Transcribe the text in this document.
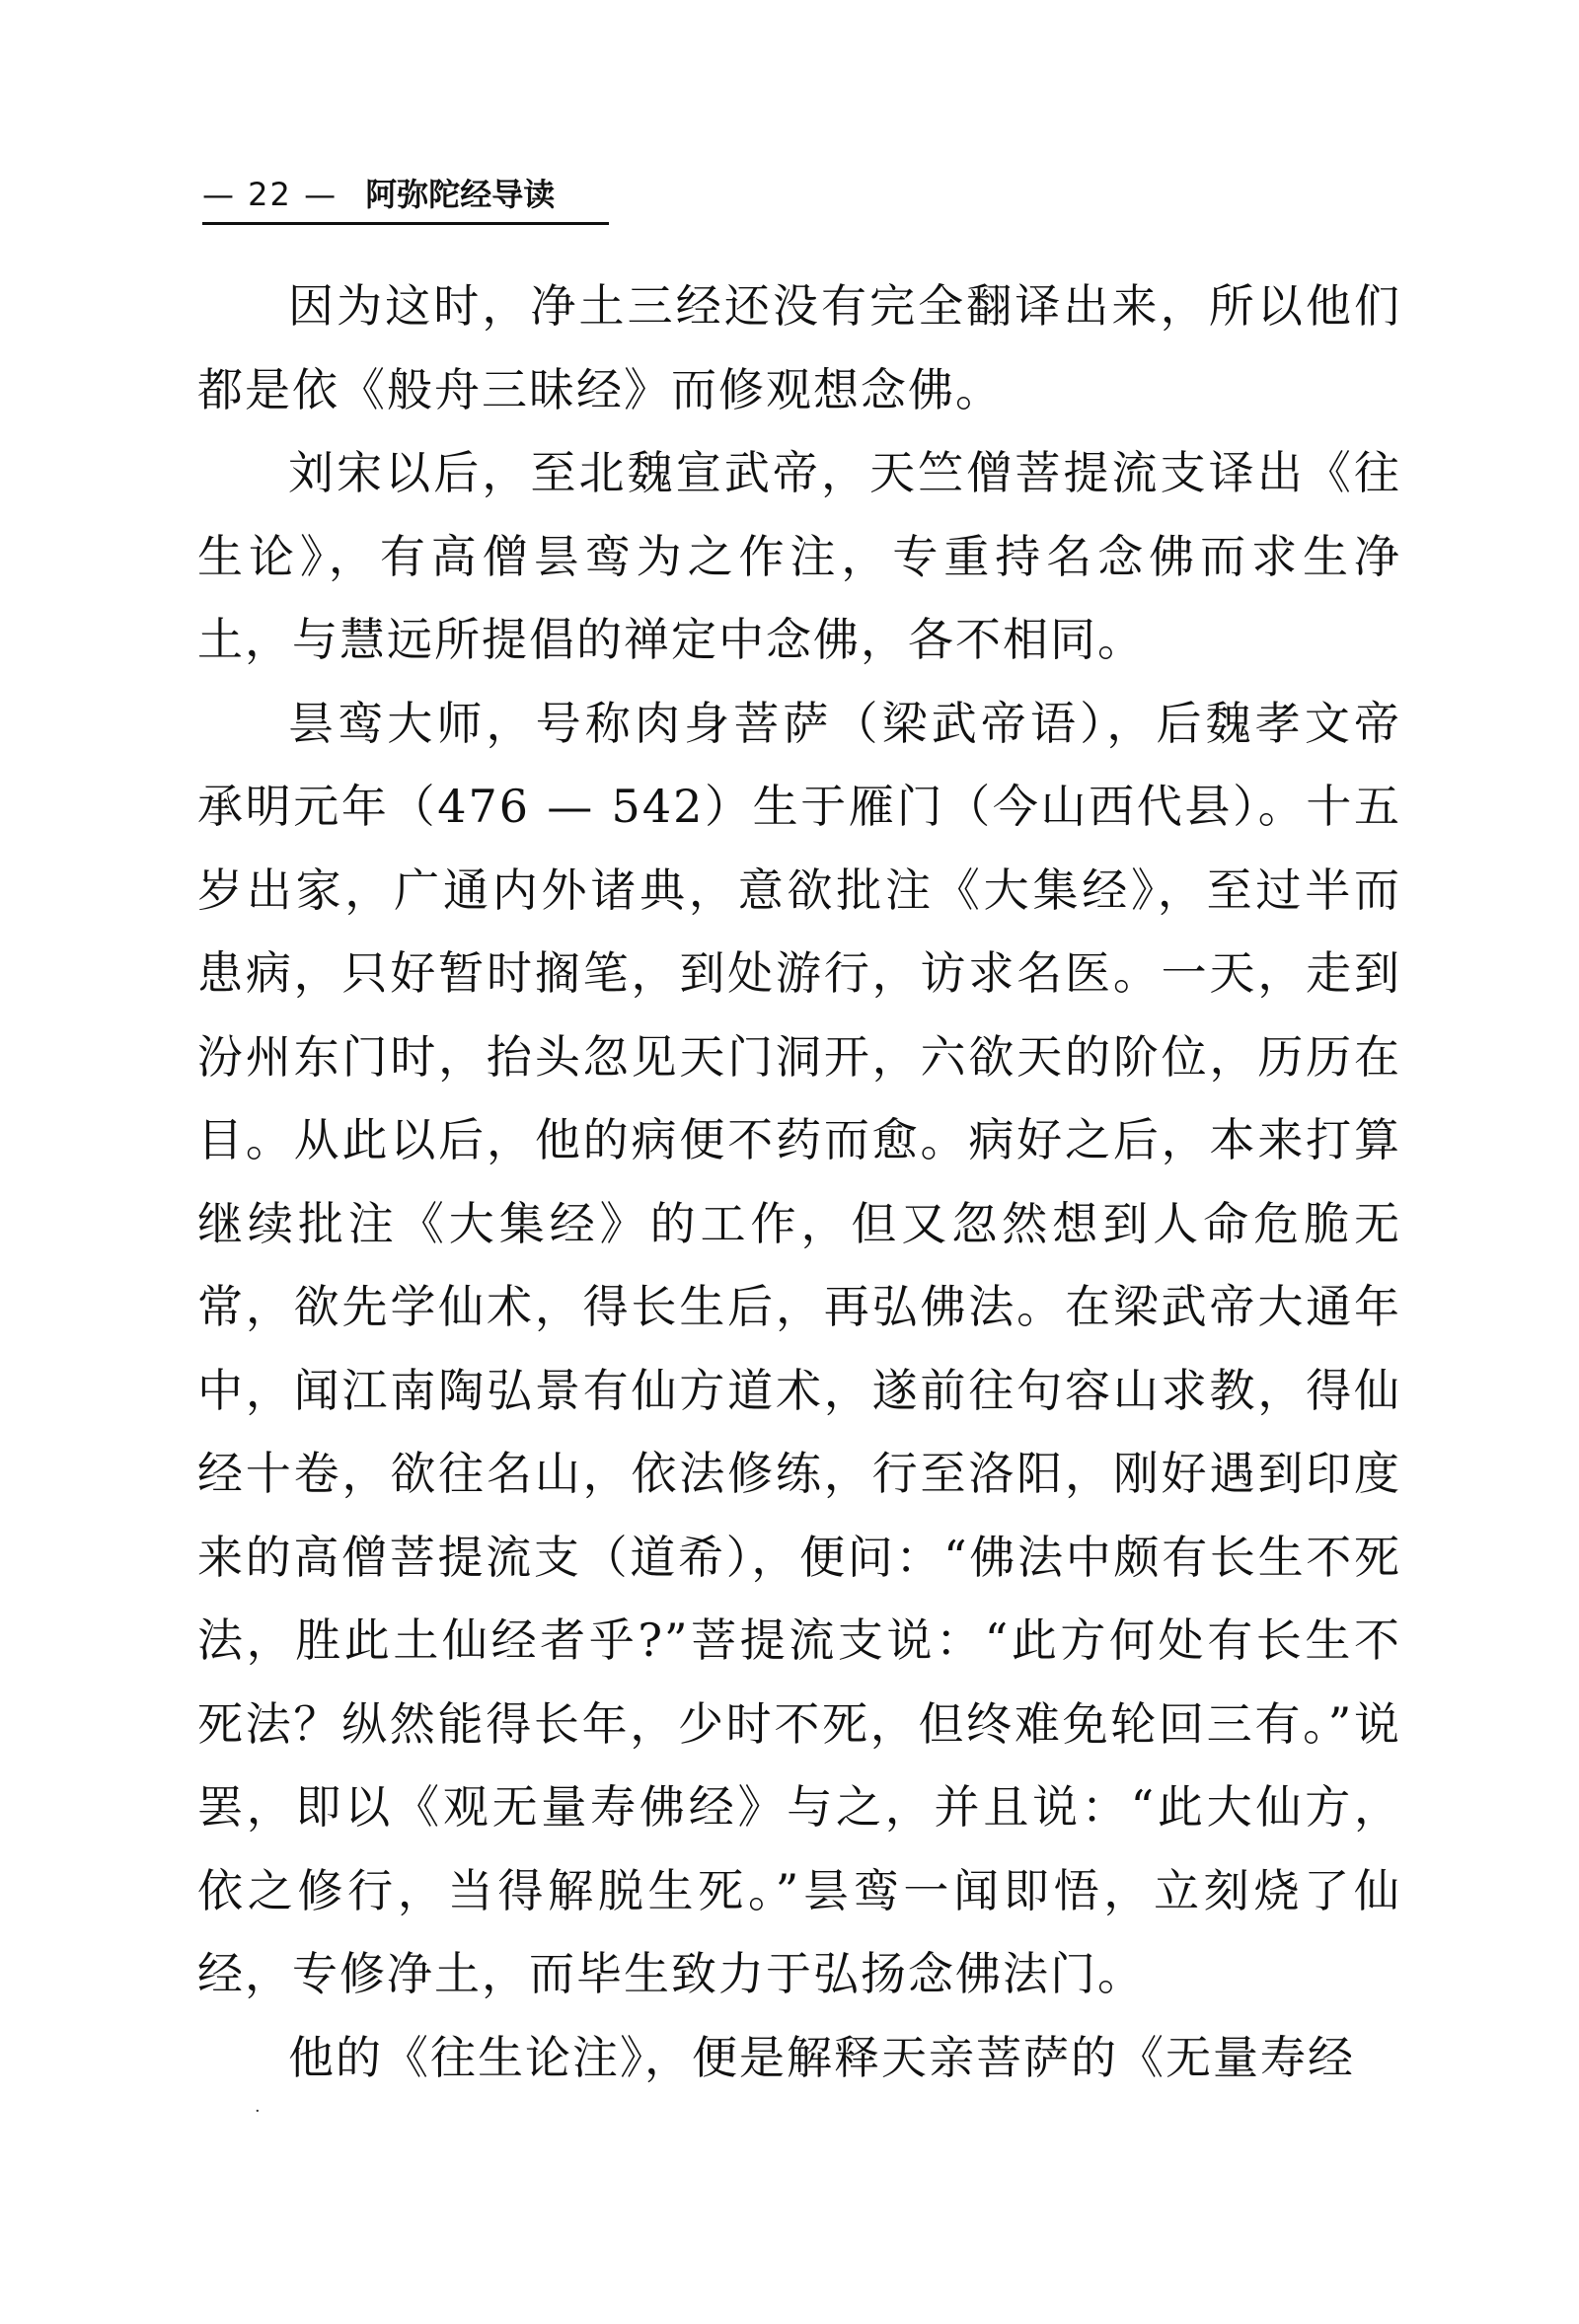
— 22 — 阿弥陀经导读

因为这时，净土三经还没有完全翻译出来，所以他们都是依《般舟三昧经》而修观想念佛。

刘宋以后，至北魏宣武帝，天竺僧菩提流支译出《往生论》，有高僧昙鸾为之作注，专重持名念佛而求生净土，与慧远所提倡的禅定中念佛，各不相同。

昙鸾大师，号称肉身菩萨（梁武帝语），后魏孝文帝承明元年（476 — 542）生于雁门（今山西代县）。十五岁出家，广通内外诸典，意欲批注《大集经》，至过半而患病，只好暂时搁笔，到处游行，访求名医。一天，走到汾州东门时，抬头忽见天门洞开，六欲天的阶位，历历在目。从此以后，他的病便不药而愈。病好之后，本来打算继续批注《大集经》的工作，但又忽然想到人命危脆无常，欲先学仙术，得长生后，再弘佛法。在梁武帝大通年中，闻江南陶弘景有仙方道术，遂前往句容山求教，得仙经十卷，欲往名山，依法修练，行至洛阳，刚好遇到印度来的高僧菩提流支（道希），便问：“佛法中颇有长生不死法，胜此土仙经者乎?”菩提流支说：“此方何处有长生不死法？纵然能得长年，少时不死，但终难免轮回三有。”说罢，即以《观无量寿佛经》与之，并且说：“此大仙方，依之修行，当得解脱生死。”昙鸾一闻即悟，立刻烧了仙经，专修净土，而毕生致力于弘扬念佛法门。

他的《往生论注》，便是解释天亲菩萨的《无量寿经

·
